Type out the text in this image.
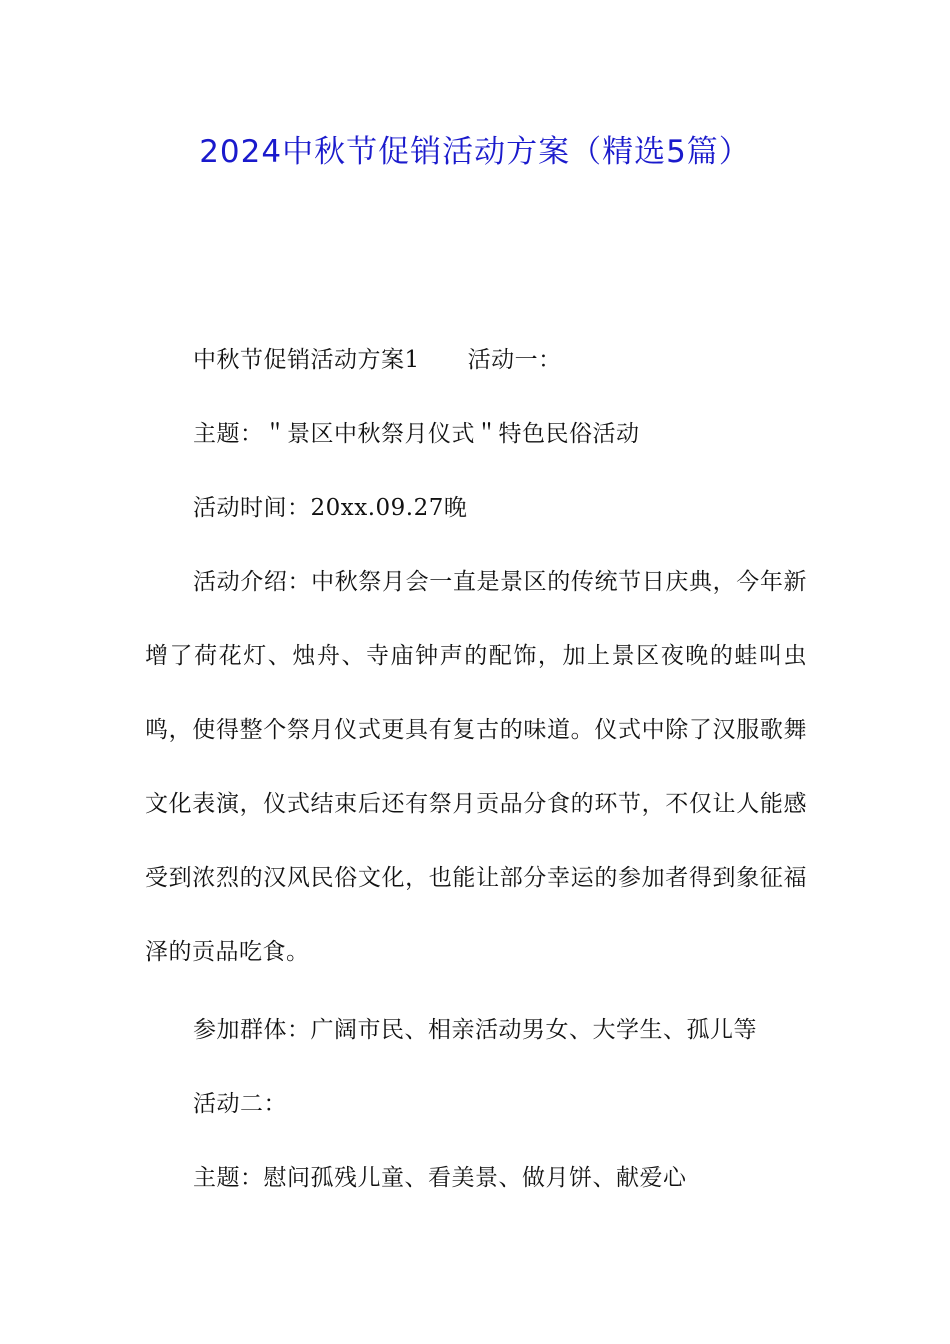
2024中秋节促销活动方案（精选5篇）

中秋节促销活动方案1 活动一：

主题：＂景区中秋祭月仪式＂特色民俗活动

活动时间：20xx.09.27晚

活动介绍：中秋祭月会一直是景区的传统节日庆典，今年新增了荷花灯、烛舟、寺庙钟声的配饰，加上景区夜晚的蛙叫虫鸣，使得整个祭月仪式更具有复古的味道。仪式中除了汉服歌舞文化表演，仪式结束后还有祭月贡品分食的环节，不仅让人能感受到浓烈的汉风民俗文化，也能让部分幸运的参加者得到象征福泽的贡品吃食。

参加群体：广阔市民、相亲活动男女、大学生、孤儿等

活动二：

主题：慰问孤残儿童、看美景、做月饼、献爱心
